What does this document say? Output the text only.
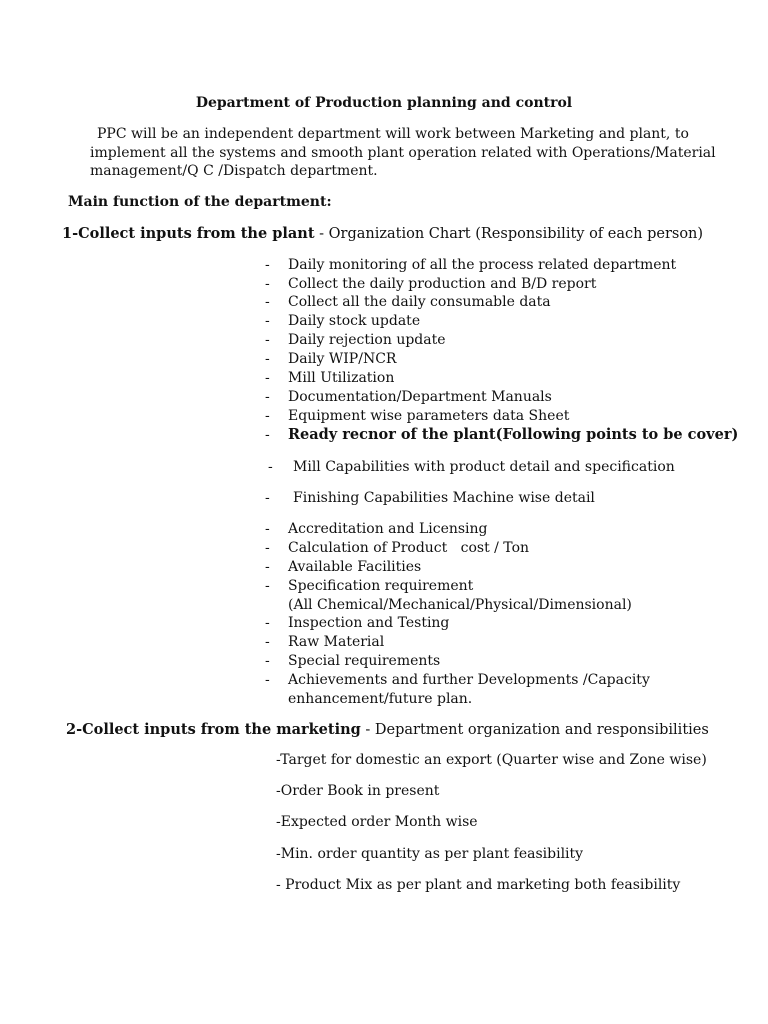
Department of Production planning and control
PPC will be an independent department will work between Marketing and plant, to
implement all the systems and smooth plant operation related with Operations/Material
management/Q C /Dispatch department.
Main function of the department:
1-Collect inputs from the plant - Organization Chart (Responsibility of each person)
- Daily monitoring of all the process related department
- Collect the daily production and B/D report
- Collect all the daily consumable data
- Daily stock update
- Daily rejection update
- Daily WIP/NCR
- Mill Utilization
- Documentation/Department Manuals
- Equipment wise parameters data Sheet
- Ready recnor of the plant(Following points to be cover)
- Mill Capabilities with product detail and specification
- Finishing Capabilities Machine wise detail
- Accreditation and Licensing
- Calculation of Product   cost / Ton
- Available Facilities
- Specification requirement
(All Chemical/Mechanical/Physical/Dimensional)
- Inspection and Testing
- Raw Material
- Special requirements
- Achievements and further Developments /Capacity
enhancement/future plan.
2-Collect inputs from the marketing - Department organization and responsibilities
-Target for domestic an export (Quarter wise and Zone wise)
-Order Book in present
-Expected order Month wise
-Min. order quantity as per plant feasibility
- Product Mix as per plant and marketing both feasibility
